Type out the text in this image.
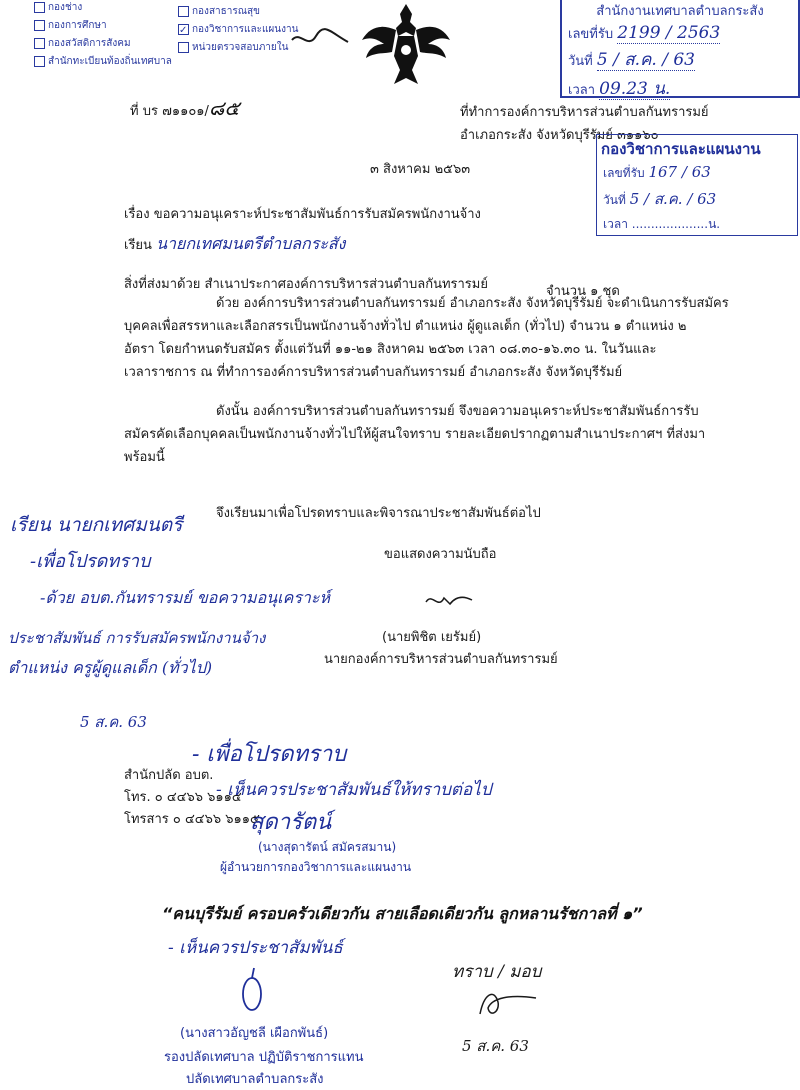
กองช่าง
กองการศึกษา
กองสวัสดิการสังคม
สำนักทะเบียนท้องถิ่นเทศบาล
กองสาธารณสุข
✓ กองวิชาการและแผนงาน
หน่วยตรวจสอบภายใน
สำนักงานเทศบาลตำบลกระสัง
เลขที่รับ 2199 / 2563
วันที่ 5 / ส.ค. / 63
เวลา 09.23 น.
ที่ บร ๗๑๑๐๑/๘๕	ที่ทำการองค์การบริหารส่วนตำบลกันทรารมย์
อำเภอกระสัง จังหวัดบุรีรัมย์ ๓๑๑๖๐
กองวิชาการและแผนงาน
เลขที่รับ 167 / 63
วันที่ 5 / ส.ค. / 63
เวลา ....................น.
๓ สิงหาคม ๒๕๖๓
เรื่อง ขอความอนุเคราะห์ประชาสัมพันธ์การรับสมัครพนักงานจ้าง
เรียน นายกเทศมนตรีตำบลกระสัง
สิ่งที่ส่งมาด้วย สำเนาประกาศองค์การบริหารส่วนตำบลกันทรารมย์	จำนวน ๑ ชุด
ด้วย องค์การบริหารส่วนตำบลกันทรารมย์ อำเภอกระสัง จังหวัดบุรีรัมย์ จะดำเนินการรับสมัคร
บุคคลเพื่อสรรหาและเลือกสรรเป็นพนักงานจ้างทั่วไป ตำแหน่ง ผู้ดูแลเด็ก (ทั่วไป) จำนวน ๑ ตำแหน่ง ๒
อัตรา โดยกำหนดรับสมัคร ตั้งแต่วันที่ ๑๑-๒๑ สิงหาคม ๒๕๖๓ เวลา ๐๘.๓๐-๑๖.๓๐ น. ในวันและ
เวลาราชการ ณ ที่ทำการองค์การบริหารส่วนตำบลกันทรารมย์ อำเภอกระสัง จังหวัดบุรีรัมย์
ดังนั้น องค์การบริหารส่วนตำบลกันทรารมย์ จึงขอความอนุเคราะห์ประชาสัมพันธ์การรับ
สมัครคัดเลือกบุคคลเป็นพนักงานจ้างทั่วไปให้ผู้สนใจทราบ รายละเอียดปรากฏตามสำเนาประกาศฯ ที่ส่งมา
พร้อมนี้
จึงเรียนมาเพื่อโปรดทราบและพิจารณาประชาสัมพันธ์ต่อไป
ขอแสดงความนับถือ
(นายพิชิต เยรัมย์)
นายกองค์การบริหารส่วนตำบลกันทรารมย์
เรียน นายกเทศมนตรี
-เพื่อโปรดทราบ
-ด้วย อบต.กันทรารมย์ ขอความอนุเคราะห์
ประชาสัมพันธ์ การรับสมัครพนักงานจ้าง
ตำแหน่ง ครูผู้ดูแลเด็ก (ทั่วไป)
5 ส.ค. 63
สำนักปลัด อบต.
โทร. ๐ ๔๔๖๖ ๖๑๑๔
โทรสาร ๐ ๔๔๖๖ ๖๑๑๕
- เพื่อโปรดทราบ
- เห็นควรประชาสัมพันธ์ให้ทราบต่อไป
สุดารัตน์
(นางสุดารัตน์ สมัครสมาน)
ผู้อำนวยการกองวิชาการและแผนงาน
“คนบุรีรัมย์ ครอบครัวเดียวกัน สายเลือดเดียวกัน ลูกหลานรัชกาลที่ ๑”
- เห็นควรประชาสัมพันธ์
ทราบ / มอบ
5 ส.ค. 63
(นางสาวอัญชลี เผือกพันธ์)
รองปลัดเทศบาล ปฏิบัติราชการแทน
ปลัดเทศบาลตำบลกระสัง
